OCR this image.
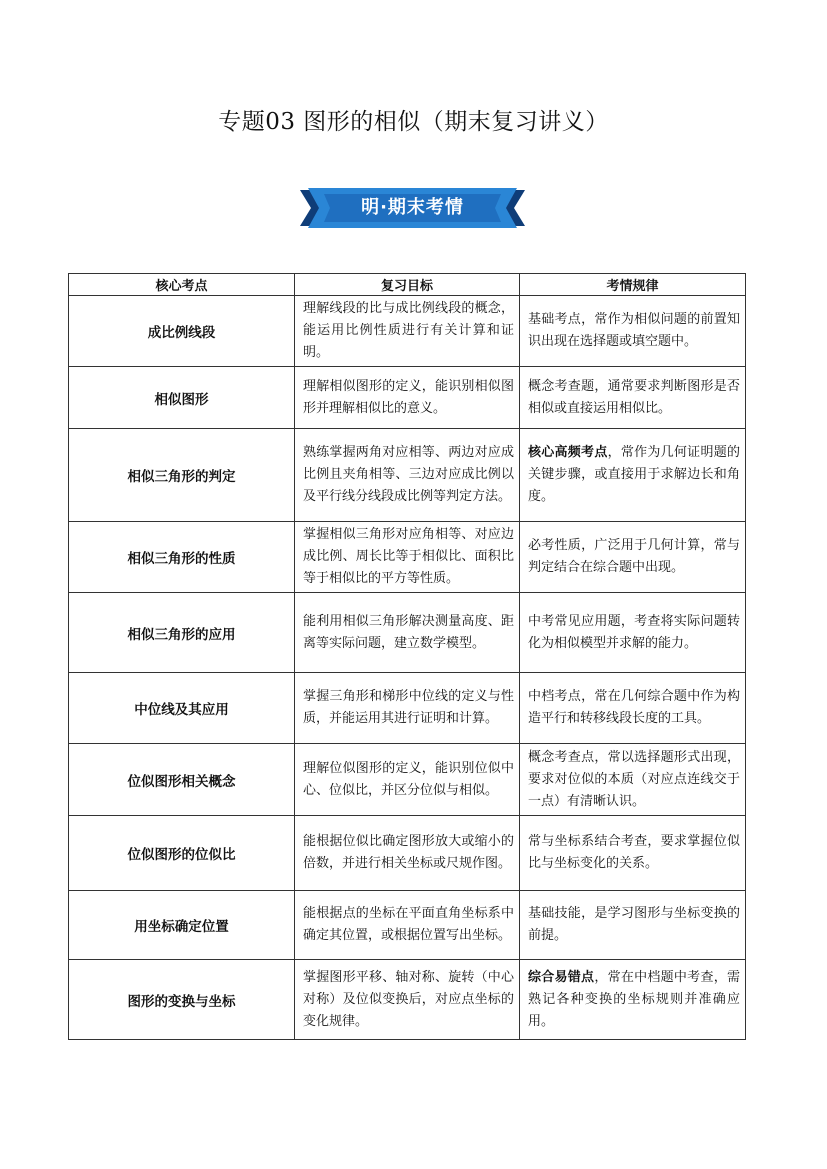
专题03 图形的相似（期末复习讲义）
明·期末考情
核心考点	复习目标	考情规律
成比例线段	理解线段的比与成比例线段的概念，能运用比例性质进行有关计算和证明。	基础考点，常作为相似问题的前置知识出现在选择题或填空题中。
相似图形	理解相似图形的定义，能识别相似图形并理解相似比的意义。	概念考查题，通常要求判断图形是否相似或直接运用相似比。
相似三角形的判定	熟练掌握两角对应相等、两边对应成比例且夹角相等、三边对应成比例以及平行线分线段成比例等判定方法。	核心高频考点，常作为几何证明题的关键步骤，或直接用于求解边长和角度。
相似三角形的性质	掌握相似三角形对应角相等、对应边成比例、周长比等于相似比、面积比等于相似比的平方等性质。	必考性质，广泛用于几何计算，常与判定结合在综合题中出现。
相似三角形的应用	能利用相似三角形解决测量高度、距离等实际问题，建立数学模型。	中考常见应用题，考查将实际问题转化为相似模型并求解的能力。
中位线及其应用	掌握三角形和梯形中位线的定义与性质，并能运用其进行证明和计算。	中档考点，常在几何综合题中作为构造平行和转移线段长度的工具。
位似图形相关概念	理解位似图形的定义，能识别位似中心、位似比，并区分位似与相似。	概念考查点，常以选择题形式出现，要求对位似的本质（对应点连线交于一点）有清晰认识。
位似图形的位似比	能根据位似比确定图形放大或缩小的倍数，并进行相关坐标或尺规作图。	常与坐标系结合考查，要求掌握位似比与坐标变化的关系。
用坐标确定位置	能根据点的坐标在平面直角坐标系中确定其位置，或根据位置写出坐标。	基础技能，是学习图形与坐标变换的前提。
图形的变换与坐标	掌握图形平移、轴对称、旋转（中心对称）及位似变换后，对应点坐标的变化规律。	综合易错点，常在中档题中考查，需熟记各种变换的坐标规则并准确应用。
